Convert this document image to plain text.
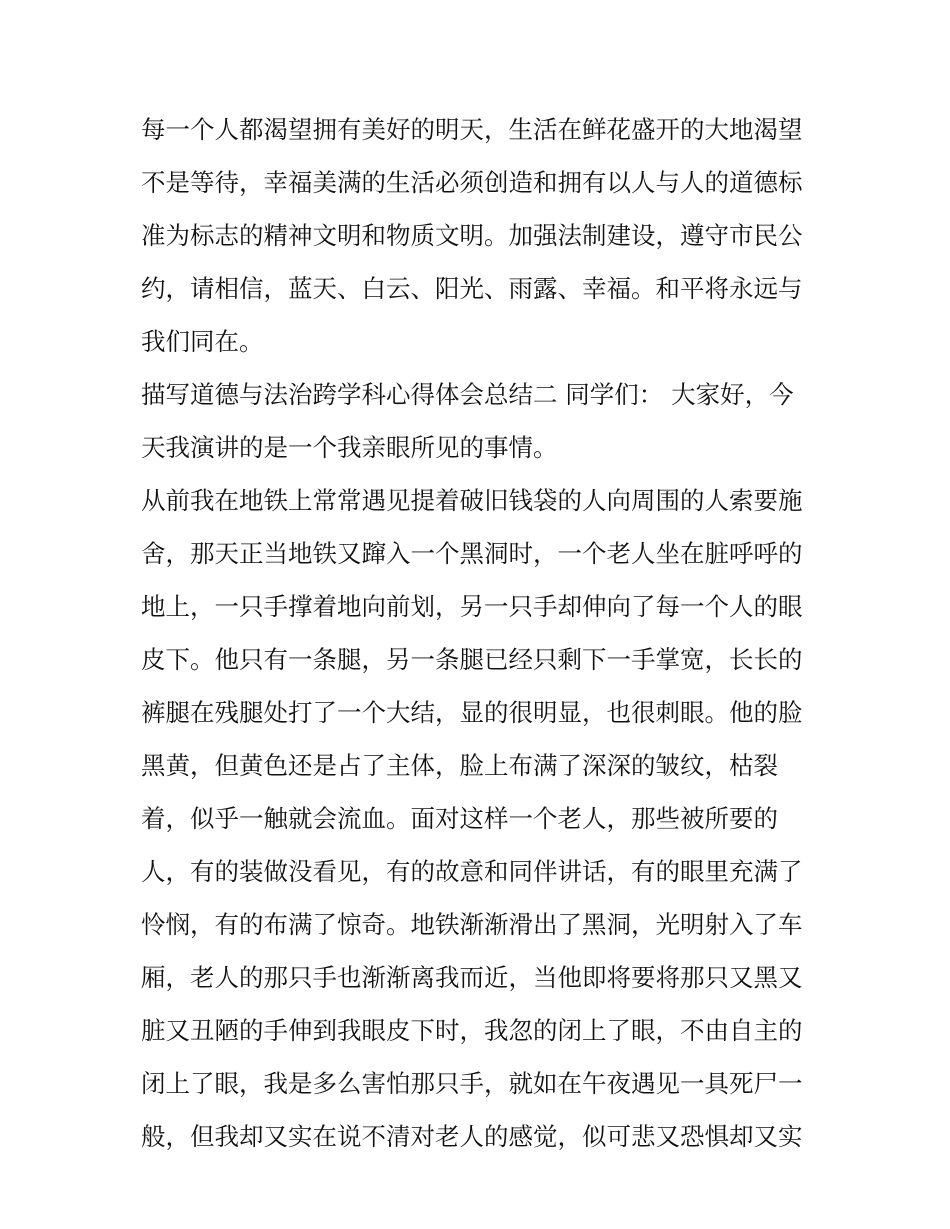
每一个人都渴望拥有美好的明天，生活在鲜花盛开的大地渴望
不是等待，幸福美满的生活必须创造和拥有以人与人的道德标
准为标志的精神文明和物质文明。加强法制建设，遵守市民公
约，请相信，蓝天、白云、阳光、雨露、幸福。和平将永远与
我们同在。
描写道德与法治跨学科心得体会总结二 同学们： 大家好，今
天我演讲的是一个我亲眼所见的事情。
从前我在地铁上常常遇见提着破旧钱袋的人向周围的人索要施
舍，那天正当地铁又蹿入一个黑洞时，一个老人坐在脏呼呼的
地上，一只手撑着地向前划，另一只手却伸向了每一个人的眼
皮下。他只有一条腿，另一条腿已经只剩下一手掌宽，长长的
裤腿在残腿处打了一个大结，显的很明显，也很刺眼。他的脸
黑黄，但黄色还是占了主体，脸上布满了深深的皱纹，枯裂
着，似乎一触就会流血。面对这样一个老人，那些被所要的
人，有的装做没看见，有的故意和同伴讲话，有的眼里充满了
怜悯，有的布满了惊奇。地铁渐渐滑出了黑洞，光明射入了车
厢，老人的那只手也渐渐离我而近，当他即将要将那只又黑又
脏又丑陋的手伸到我眼皮下时，我忽的闭上了眼，不由自主的
闭上了眼，我是多么害怕那只手，就如在午夜遇见一具死尸一
般，但我却又实在说不清对老人的感觉，似可悲又恐惧却又实
